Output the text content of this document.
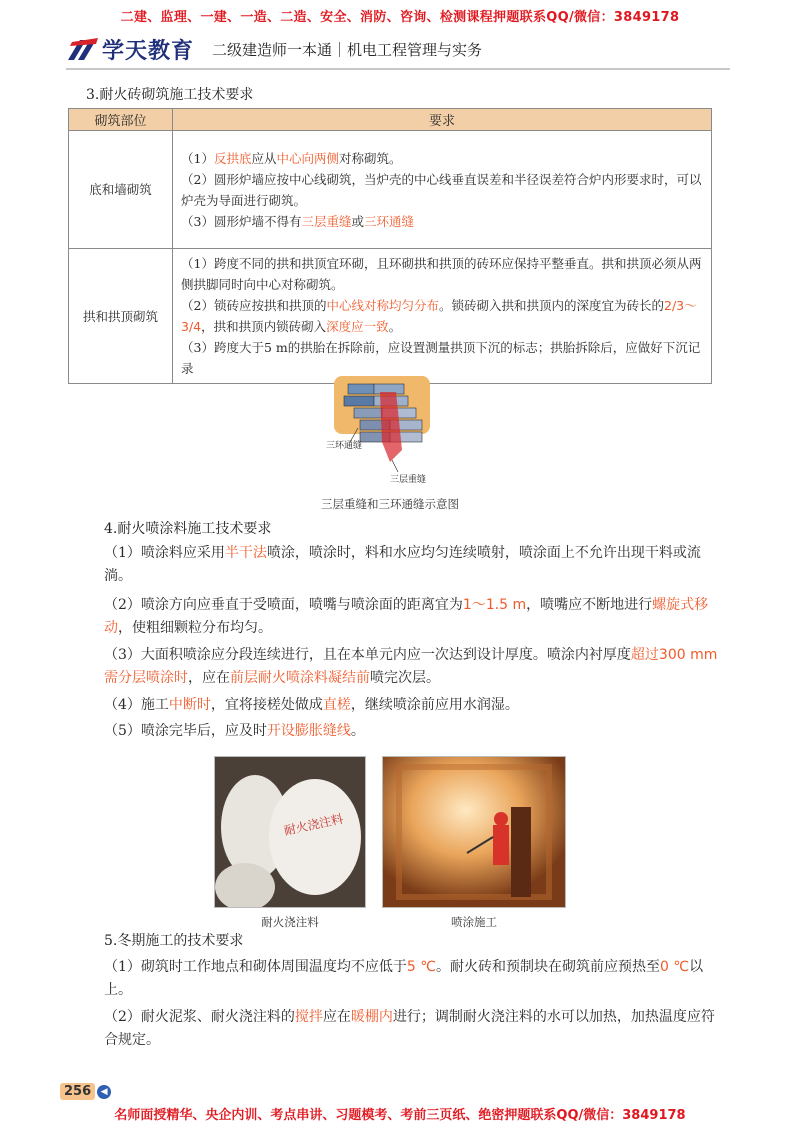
二建、监理、一建、一造、二造、安全、消防、咨询、检测课程押题联系QQ/微信：3849178
学天教育 二级建造师一本通｜机电工程管理与实务
3.耐火砖砌筑施工技术要求
砌筑部位	要求
底和墙砌筑	（1）反拱底应从中心向两侧对称砌筑。
（2）圆形炉墙应按中心线砌筑，当炉壳的中心线垂直误差和半径误差符合炉内形要求时，可以炉壳为导面进行砌筑。
（3）圆形炉墙不得有三层重缝或三环通缝

拱和拱顶砌筑	（1）跨度不同的拱和拱顶宜环砌，且环砌拱和拱顶的砖环应保持平整垂直。拱和拱顶必须从两侧拱脚同时向中心对称砌筑。
（2）锁砖应按拱和拱顶的中心线对称均匀分布。锁砖砌入拱和拱顶内的深度宜为砖长的2/3～3/4，拱和拱顶内锁砖砌入深度应一致。
（3）跨度大于5 m的拱胎在拆除前，应设置测量拱顶下沉的标志；拱胎拆除后，应做好下沉记录
三环通缝
三层重缝
三层重缝和三环通缝示意图
4.耐火喷涂料施工技术要求
（1）喷涂料应采用半干法喷涂，喷涂时，料和水应均匀连续喷射，喷涂面上不允许出现干料或流淌。
（2）喷涂方向应垂直于受喷面，喷嘴与喷涂面的距离宜为1～1.5 m，喷嘴应不断地进行螺旋式移动，使粗细颗粒分布均匀。
（3）大面积喷涂应分段连续进行，且在本单元内应一次达到设计厚度。喷涂内衬厚度超过300 mm需分层喷涂时，应在前层耐火喷涂料凝结前喷完次层。
（4）施工中断时，宜将接槎处做成直槎，继续喷涂前应用水润湿。
（5）喷涂完毕后，应及时开设膨胀缝线。
耐火浇注料
耐火浇注料	喷涂施工
5.冬期施工的技术要求
（1）砌筑时工作地点和砌体周围温度均不应低于5 ℃。耐火砖和预制块在砌筑前应预热至0 ℃以上。
（2）耐火泥浆、耐火浇注料的搅拌应在暖棚内进行；调制耐火浇注料的水可以加热，加热温度应符合规定。
256	◀
名师面授精华、央企内训、考点串讲、习题模考、考前三页纸、绝密押题联系QQ/微信：3849178
